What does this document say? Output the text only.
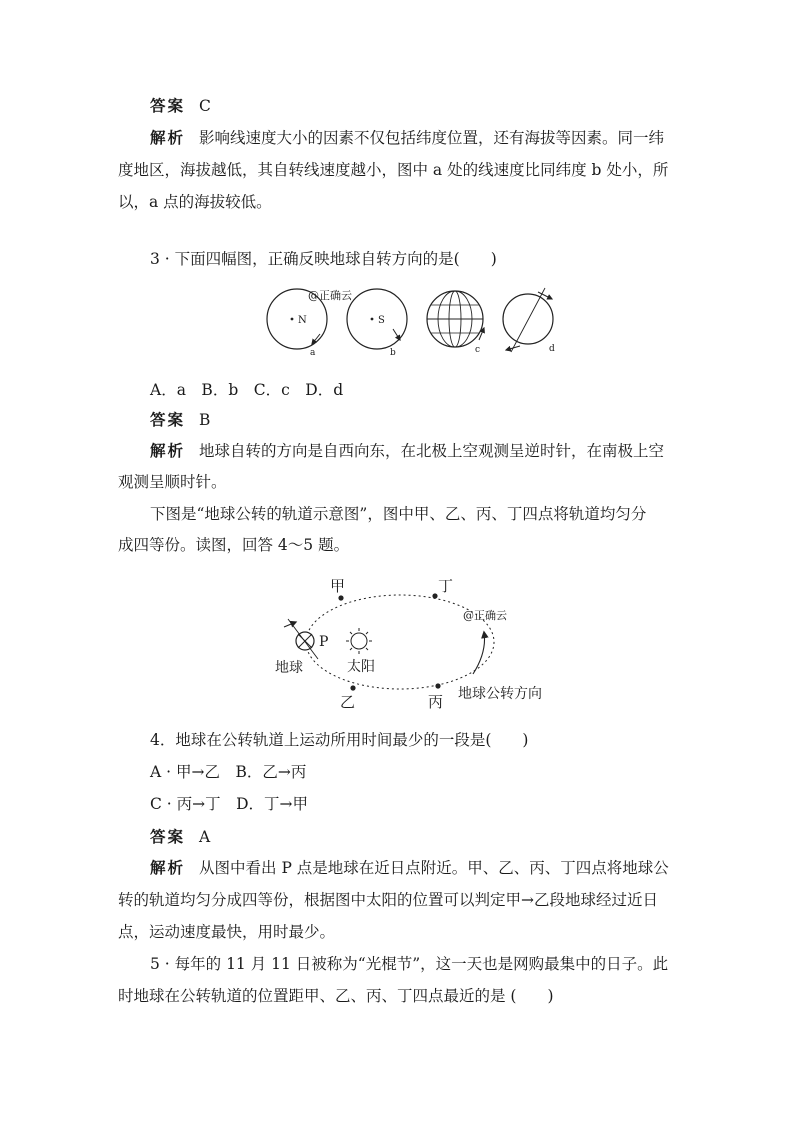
答案 C
解析 影响线速度大小的因素不仅包括纬度位置，还有海拔等因素。同一纬
度地区，海拔越低，其自转线速度越小，图中 a 处的线速度比同纬度 b 处小，所
以，a 点的海拔较低。
3 · 下面四幅图，正确反映地球自转方向的是(　　)
@正确云
N
a
S
b	c	d
A．a　B．b　C．c　D．d
答案 B
解析 地球自转的方向是自西向东，在北极上空观测呈逆时针，在南极上空
观测呈顺时针。
下图是“地球公转的轨道示意图”，图中甲、乙、丙、丁四点将轨道均匀分
成四等份。读图，回答 4～5 题。
甲	丁
乙	丙
@正确云
P
地球	太阳
地球公转方向
4．地球在公转轨道上运动所用时间最少的一段是(　　)
A · 甲→乙　B．乙→丙
C · 丙→丁　D．丁→甲
答案 A
解析 从图中看出 P 点是地球在近日点附近。甲、乙、丙、丁四点将地球公
转的轨道均匀分成四等份，根据图中太阳的位置可以判定甲→乙段地球经过近日
点，运动速度最快，用时最少。
5 · 每年的 11 月 11 日被称为“光棍节”，这一天也是网购最集中的日子。此
时地球在公转轨道的位置距甲、乙、丙、丁四点最近的是 (　　)
